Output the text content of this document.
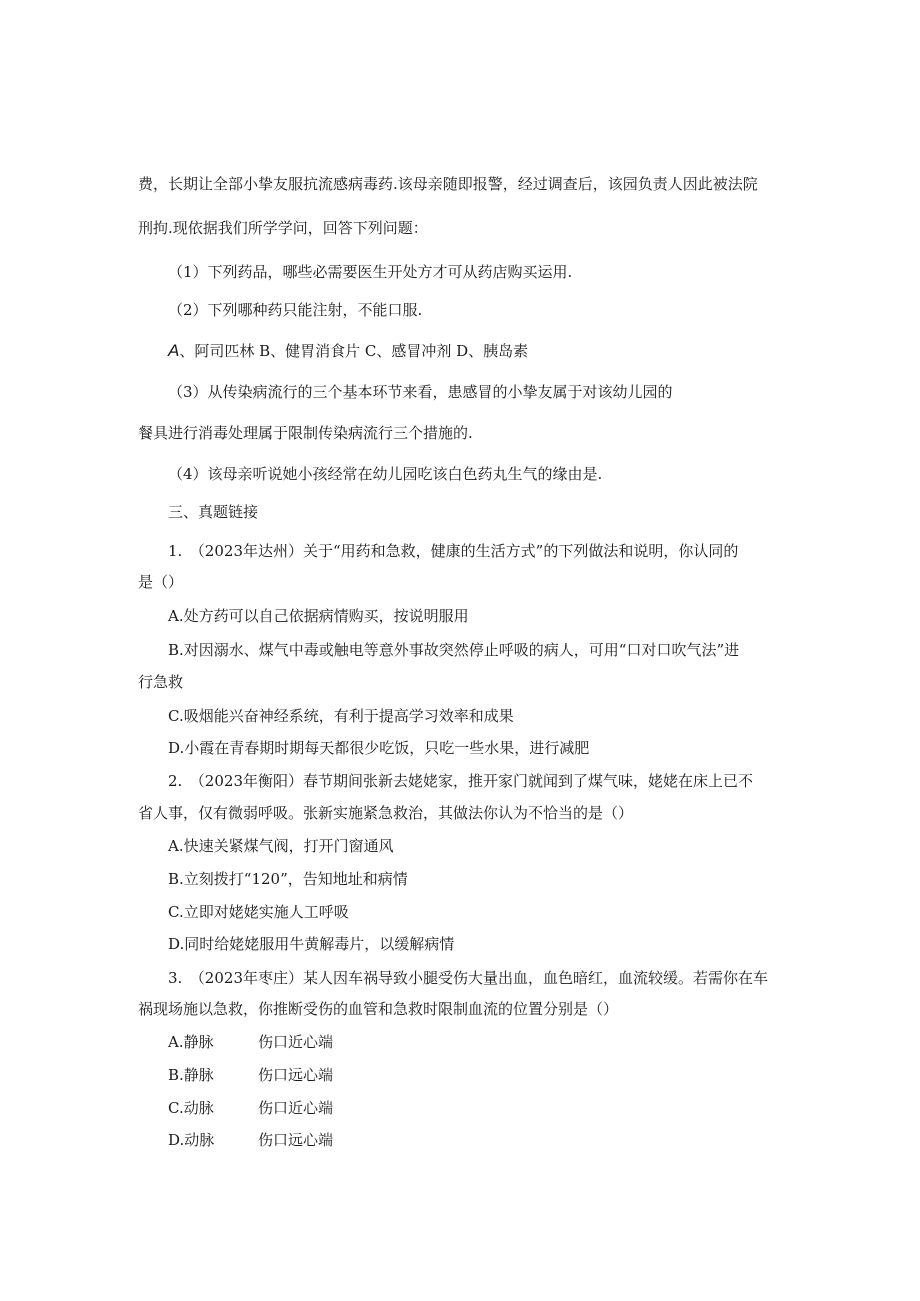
费，长期让全部小挚友服抗流感病毒药.该母亲随即报警，经过调查后，该园负责人因此被法院
刑拘.现依据我们所学学问，回答下列问题：
（1）下列药品，哪些必需要医生开处方才可从药店购买运用.
（2）下列哪种药只能注射，不能口服.
A、阿司匹林 B、健胃消食片 C、感冒冲剂 D、胰岛素
（3）从传染病流行的三个基本环节来看，患感冒的小挚友属于对该幼儿园的
餐具进行消毒处理属于限制传染病流行三个措施的.
（4）该母亲听说她小孩经常在幼儿园吃该白色药丸生气的缘由是.
三、真题链接
1.　（2023年达州）关于“用药和急救，健康的生活方式”的下列做法和说明，你认同的
是（）
A.处方药可以自己依据病情购买，按说明服用
B.对因溺水、煤气中毒或触电等意外事故突然停止呼吸的病人，可用“口对口吹气法”进
行急救
C.吸烟能兴奋神经系统，有利于提高学习效率和成果
D.小霞在青春期时期每天都很少吃饭，只吃一些水果，进行减肥
2.　（2023年衡阳）春节期间张新去姥姥家，推开家门就闻到了煤气味，姥姥在床上已不
省人事，仅有微弱呼吸。张新实施紧急救治，其做法你认为不恰当的是（）
A.快速关紧煤气阀，打开门窗通风
B.立刻拨打“120”，告知地址和病情
C.立即对姥姥实施人工呼吸
D.同时给姥姥服用牛黄解毒片，以缓解病情
3.　（2023年枣庄）某人因车祸导致小腿受伤大量出血，血色暗红，血流较缓。若需你在车
祸现场施以急救，你推断受伤的血管和急救时限制血流的位置分别是（）
A.静脉	伤口近心端
B.静脉	伤口远心端
C.动脉	伤口近心端
D.动脉	伤口远心端
